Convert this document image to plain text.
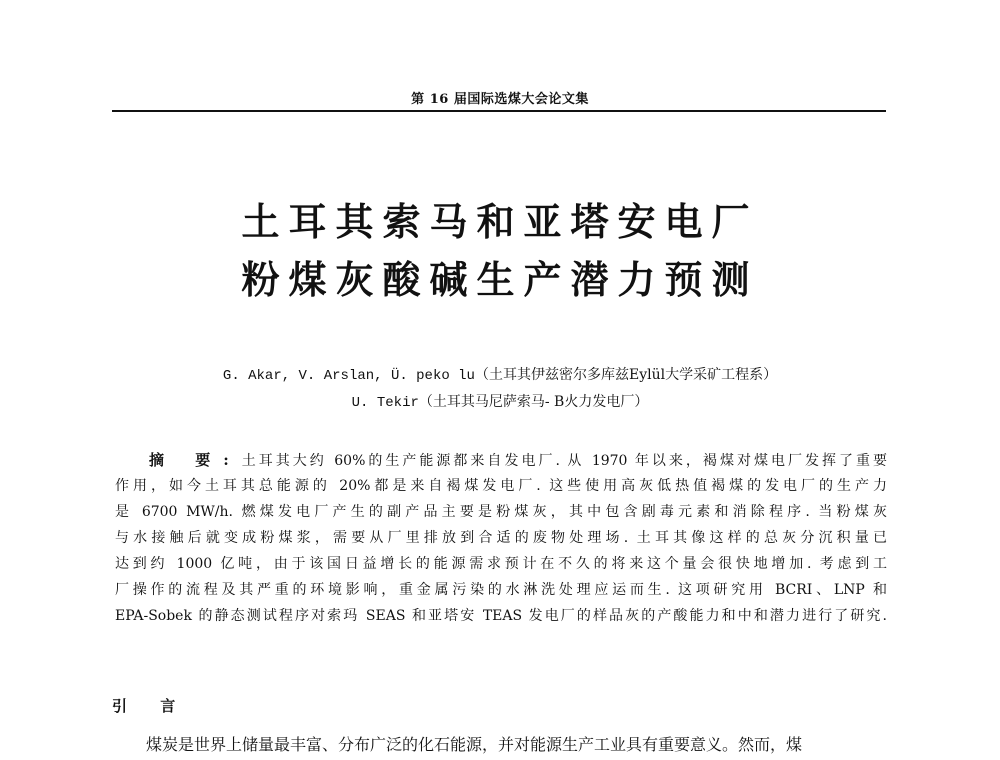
第 16 届国际选煤大会论文集
土耳其索马和亚塔安电厂
粉煤灰酸碱生产潜力预测
G. Akar, V. Arslan, Ü. peko lu（土耳其伊兹密尔多库兹Eylül大学采矿工程系）
U. Tekir（土耳其马尼萨索马- B火力发电厂）
摘 要:土耳其大约 60%的生产能源都来自发电厂. 从 1970 年以来，褐煤对煤电厂发挥了重要
作用，如今土耳其总能源的 20%都是来自褐煤发电厂. 这些使用高灰低热值褐煤的发电厂的生产力
是 6700 MW/h. 燃煤发电厂产生的副产品主要是粉煤灰，其中包含剧毒元素和消除程序. 当粉煤灰
与水接触后就变成粉煤浆，需要从厂里排放到合适的废物处理场. 土耳其像这样的总灰分沉积量已
达到约 1000 亿吨，由于该国日益增长的能源需求预计在不久的将来这个量会很快地增加. 考虑到工
厂操作的流程及其严重的环境影响，重金属污染的水淋洗处理应运而生. 这项研究用 BCRI、LNP 和
EPA-Sobek 的静态测试程序对索玛 SEAS 和亚塔安 TEAS 发电厂的样品灰的产酸能力和中和潜力进行了研究.
引 言
煤炭是世界上储量最丰富、分布广泛的化石能源，并对能源生产工业具有重要意义。然而，煤
